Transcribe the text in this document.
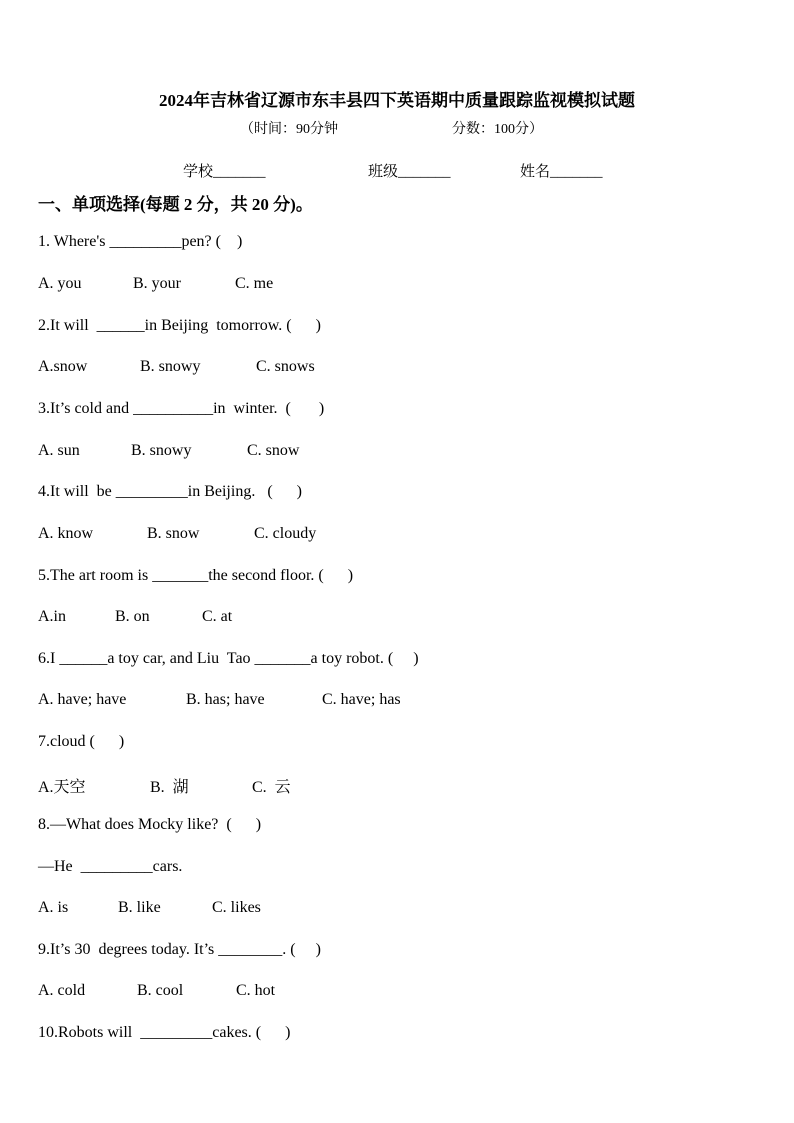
2024年吉林省辽源市东丰县四下英语期中质量跟踪监视模拟试题
（时间：90分钟	分数：100分）
学校_______	班级_______	姓名_______
一、单项选择(每题 2 分，共 20 分)。
1. Where's _________pen? (    )
A. you	B. your	C. me
2.It will  ______in Beijing  tomorrow. (      )
A.snow	B. snowy	C. snows
3.It’s cold and __________in  winter.  (       )
A. sun	B. snowy	C. snow
4.It will  be _________in Beijing.   (      )
A. know	B. snow	C. cloudy
5.The art room is _______the second floor. (      )
A.in	B. on	C. at
6.I ______a toy car, and Liu  Tao _______a toy robot. (     )
A. have; have	B. has; have	C. have; has
7.cloud (      )
A.天空	B.  湖	C.  云
8.—What does Mocky like?  (      )
—He  _________cars.
A. is	B. like	C. likes
9.It’s 30  degrees today. It’s ________. (     )
A. cold	B. cool	C. hot
10.Robots will  _________cakes. (      )
